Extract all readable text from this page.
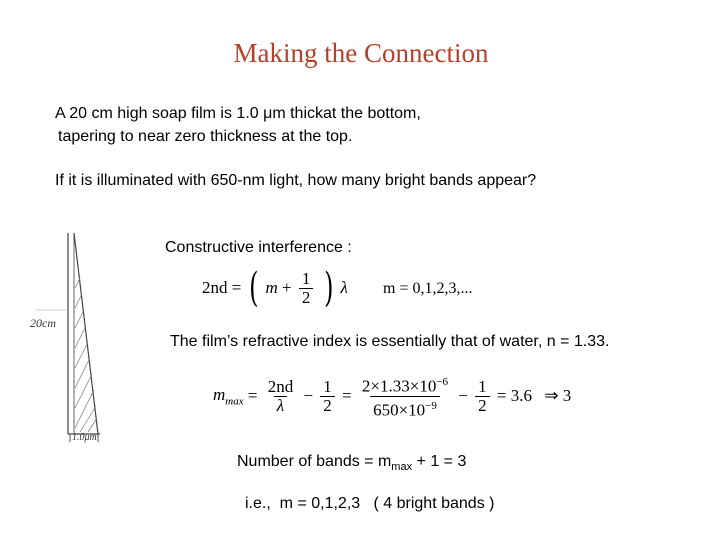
Making the Connection
A 20 cm high soap film is 1.0 μm thickat the bottom,
tapering to near zero thickness at the top.
If it is illuminated with 650-nm light, how many bright bands appear?
20cm
1.0μm
Constructive interference :
2nd = ( $m + \frac{1}{2}$ ) λ m = 0,1,2,3,...
The film’s refractive index is essentially that of water, n = 1.33.
$m_{max} = \frac{2nd}{\lambda} - \frac{1}{2} = \frac{2\times 1.33\times 10^{-6}}{650\times 10^{-9}} - \frac{1}{2} = 3.6$ ⇒ 3
Number of bands = $m_{max} + 1 = 3$
i.e.,  m = 0,1,2,3   ( 4 bright bands )
